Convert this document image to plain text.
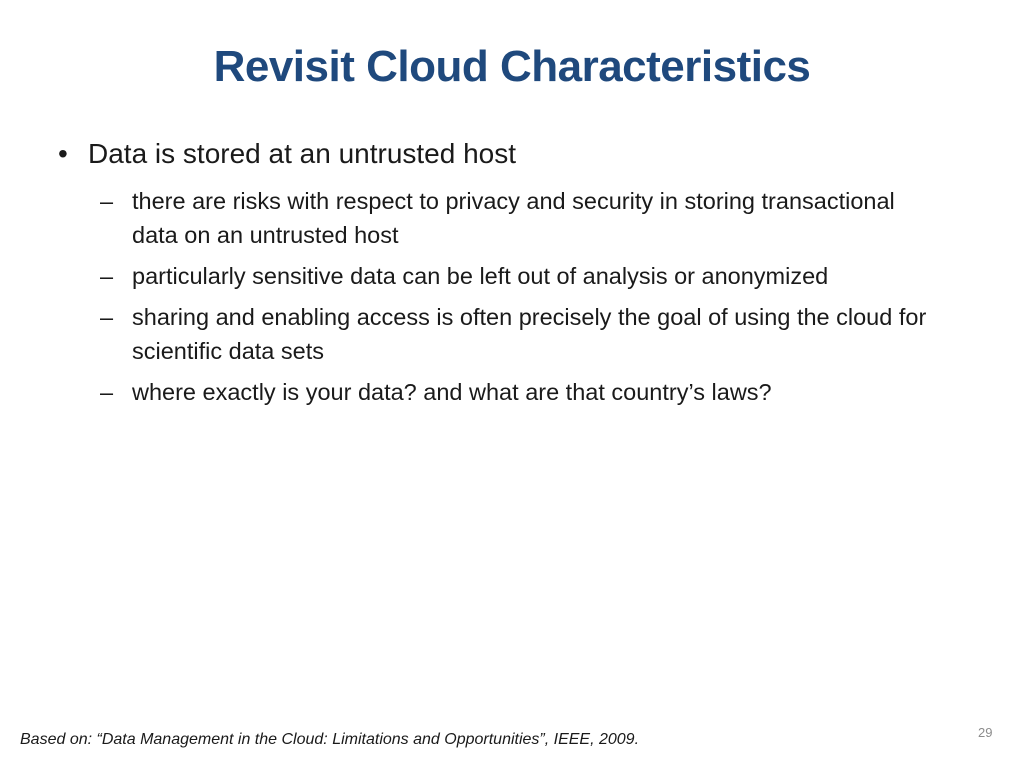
Revisit Cloud Characteristics
• Data is stored at an untrusted host
– there are risks with respect to privacy and security in storing transactional data on an untrusted host
– particularly sensitive data can be left out of analysis or anonymized
– sharing and enabling access is often precisely the goal of using the cloud for scientific data sets
– where exactly is your data? and what are that country’s laws?
Based on: “Data Management in the Cloud: Limitations and Opportunities”, IEEE, 2009.	29
